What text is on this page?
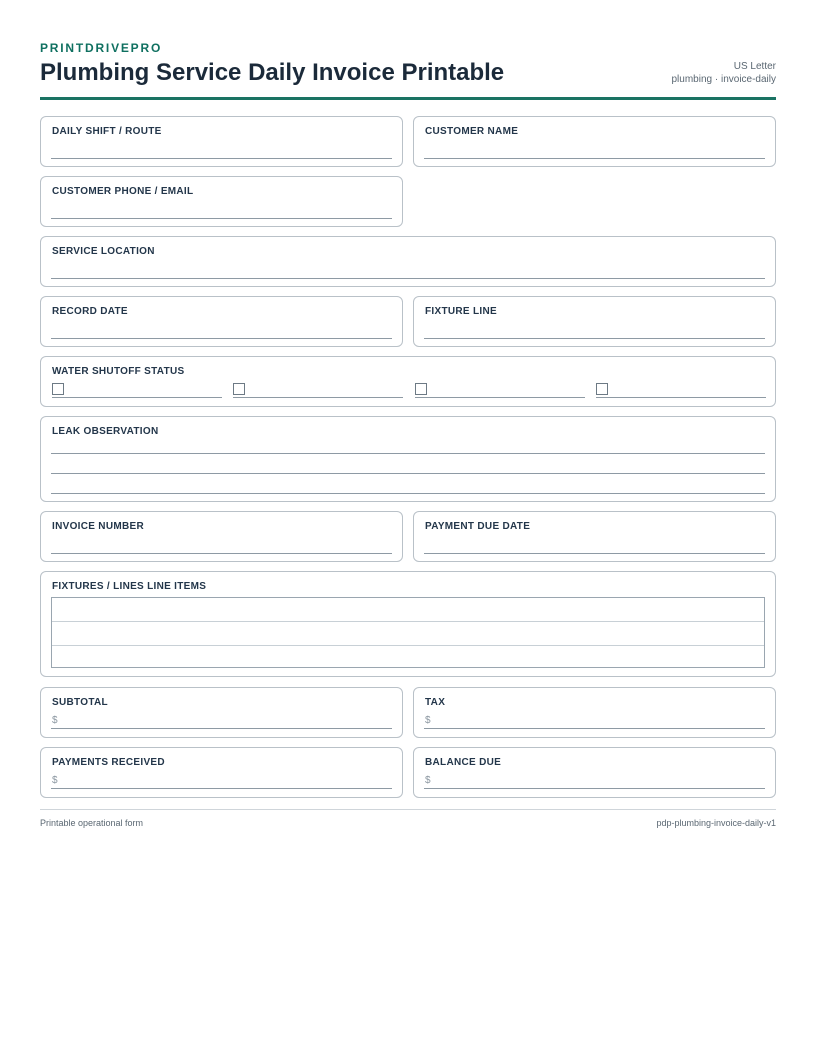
PRINTDRIVEPRO
Plumbing Service Daily Invoice Printable	US Letter
plumbing · invoice-daily
DAILY SHIFT / ROUTE	CUSTOMER NAME
CUSTOMER PHONE / EMAIL
SERVICE LOCATION
RECORD DATE	FIXTURE LINE
WATER SHUTOFF STATUS
LEAK OBSERVATION
INVOICE NUMBER	PAYMENT DUE DATE
FIXTURES / LINES LINE ITEMS
SUBTOTAL
$
TAX
$
PAYMENTS RECEIVED
$
BALANCE DUE
$
Printable operational form	pdp-plumbing-invoice-daily-v1
